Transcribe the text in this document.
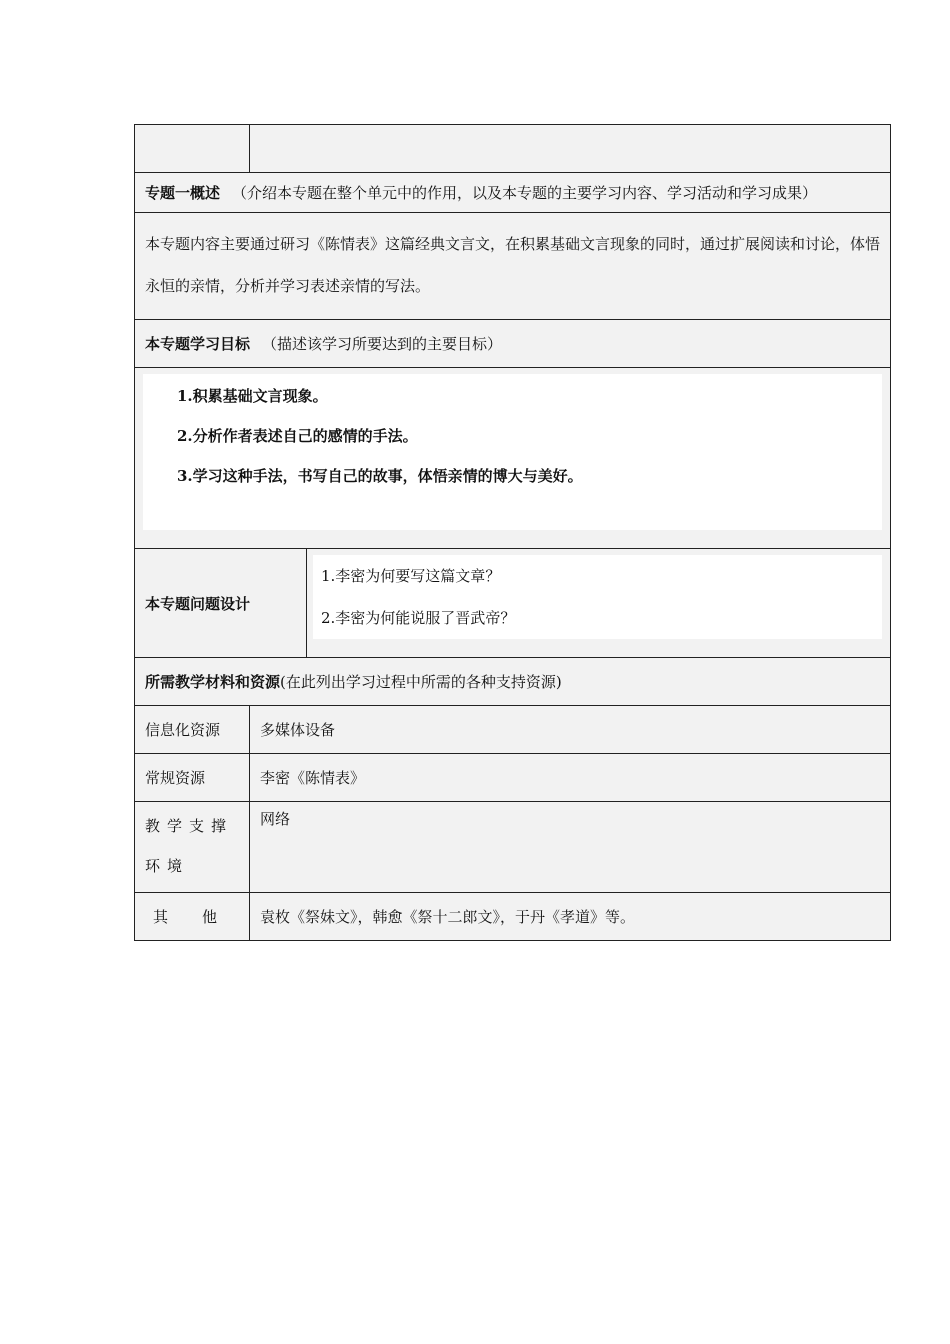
专题一概述 （介绍本专题在整个单元中的作用，以及本专题的主要学习内容、学习活动和学习成果）		

本专题内容主要通过研习《陈情表》这篇经典文言文，在积累基础文言现象的同时，通过扩展阅读和讨论，体悟永恒的亲情，分析并学习表述亲情的写法。		

本专题学习目标 （描述该学习所要达到的主要目标）		

1.积累基础文言现象。
2.分析作者表述自己的感情的手法。
3.学习这种手法，书写自己的故事，体悟亲情的博大与美好。		

本专题问题设计		1.李密为何要写这篇文章？
2.李密为何能说服了晋武帝？

所需教学材料和资源(在此列出学习过程中所需的各种支持资源)		
信息化资源	多媒体设备	
常规资源	李密《陈情表》	

教学支撑环境	网络	
其 他	袁枚《祭妹文》，韩愈《祭十二郎文》，于丹《孝道》等。	
